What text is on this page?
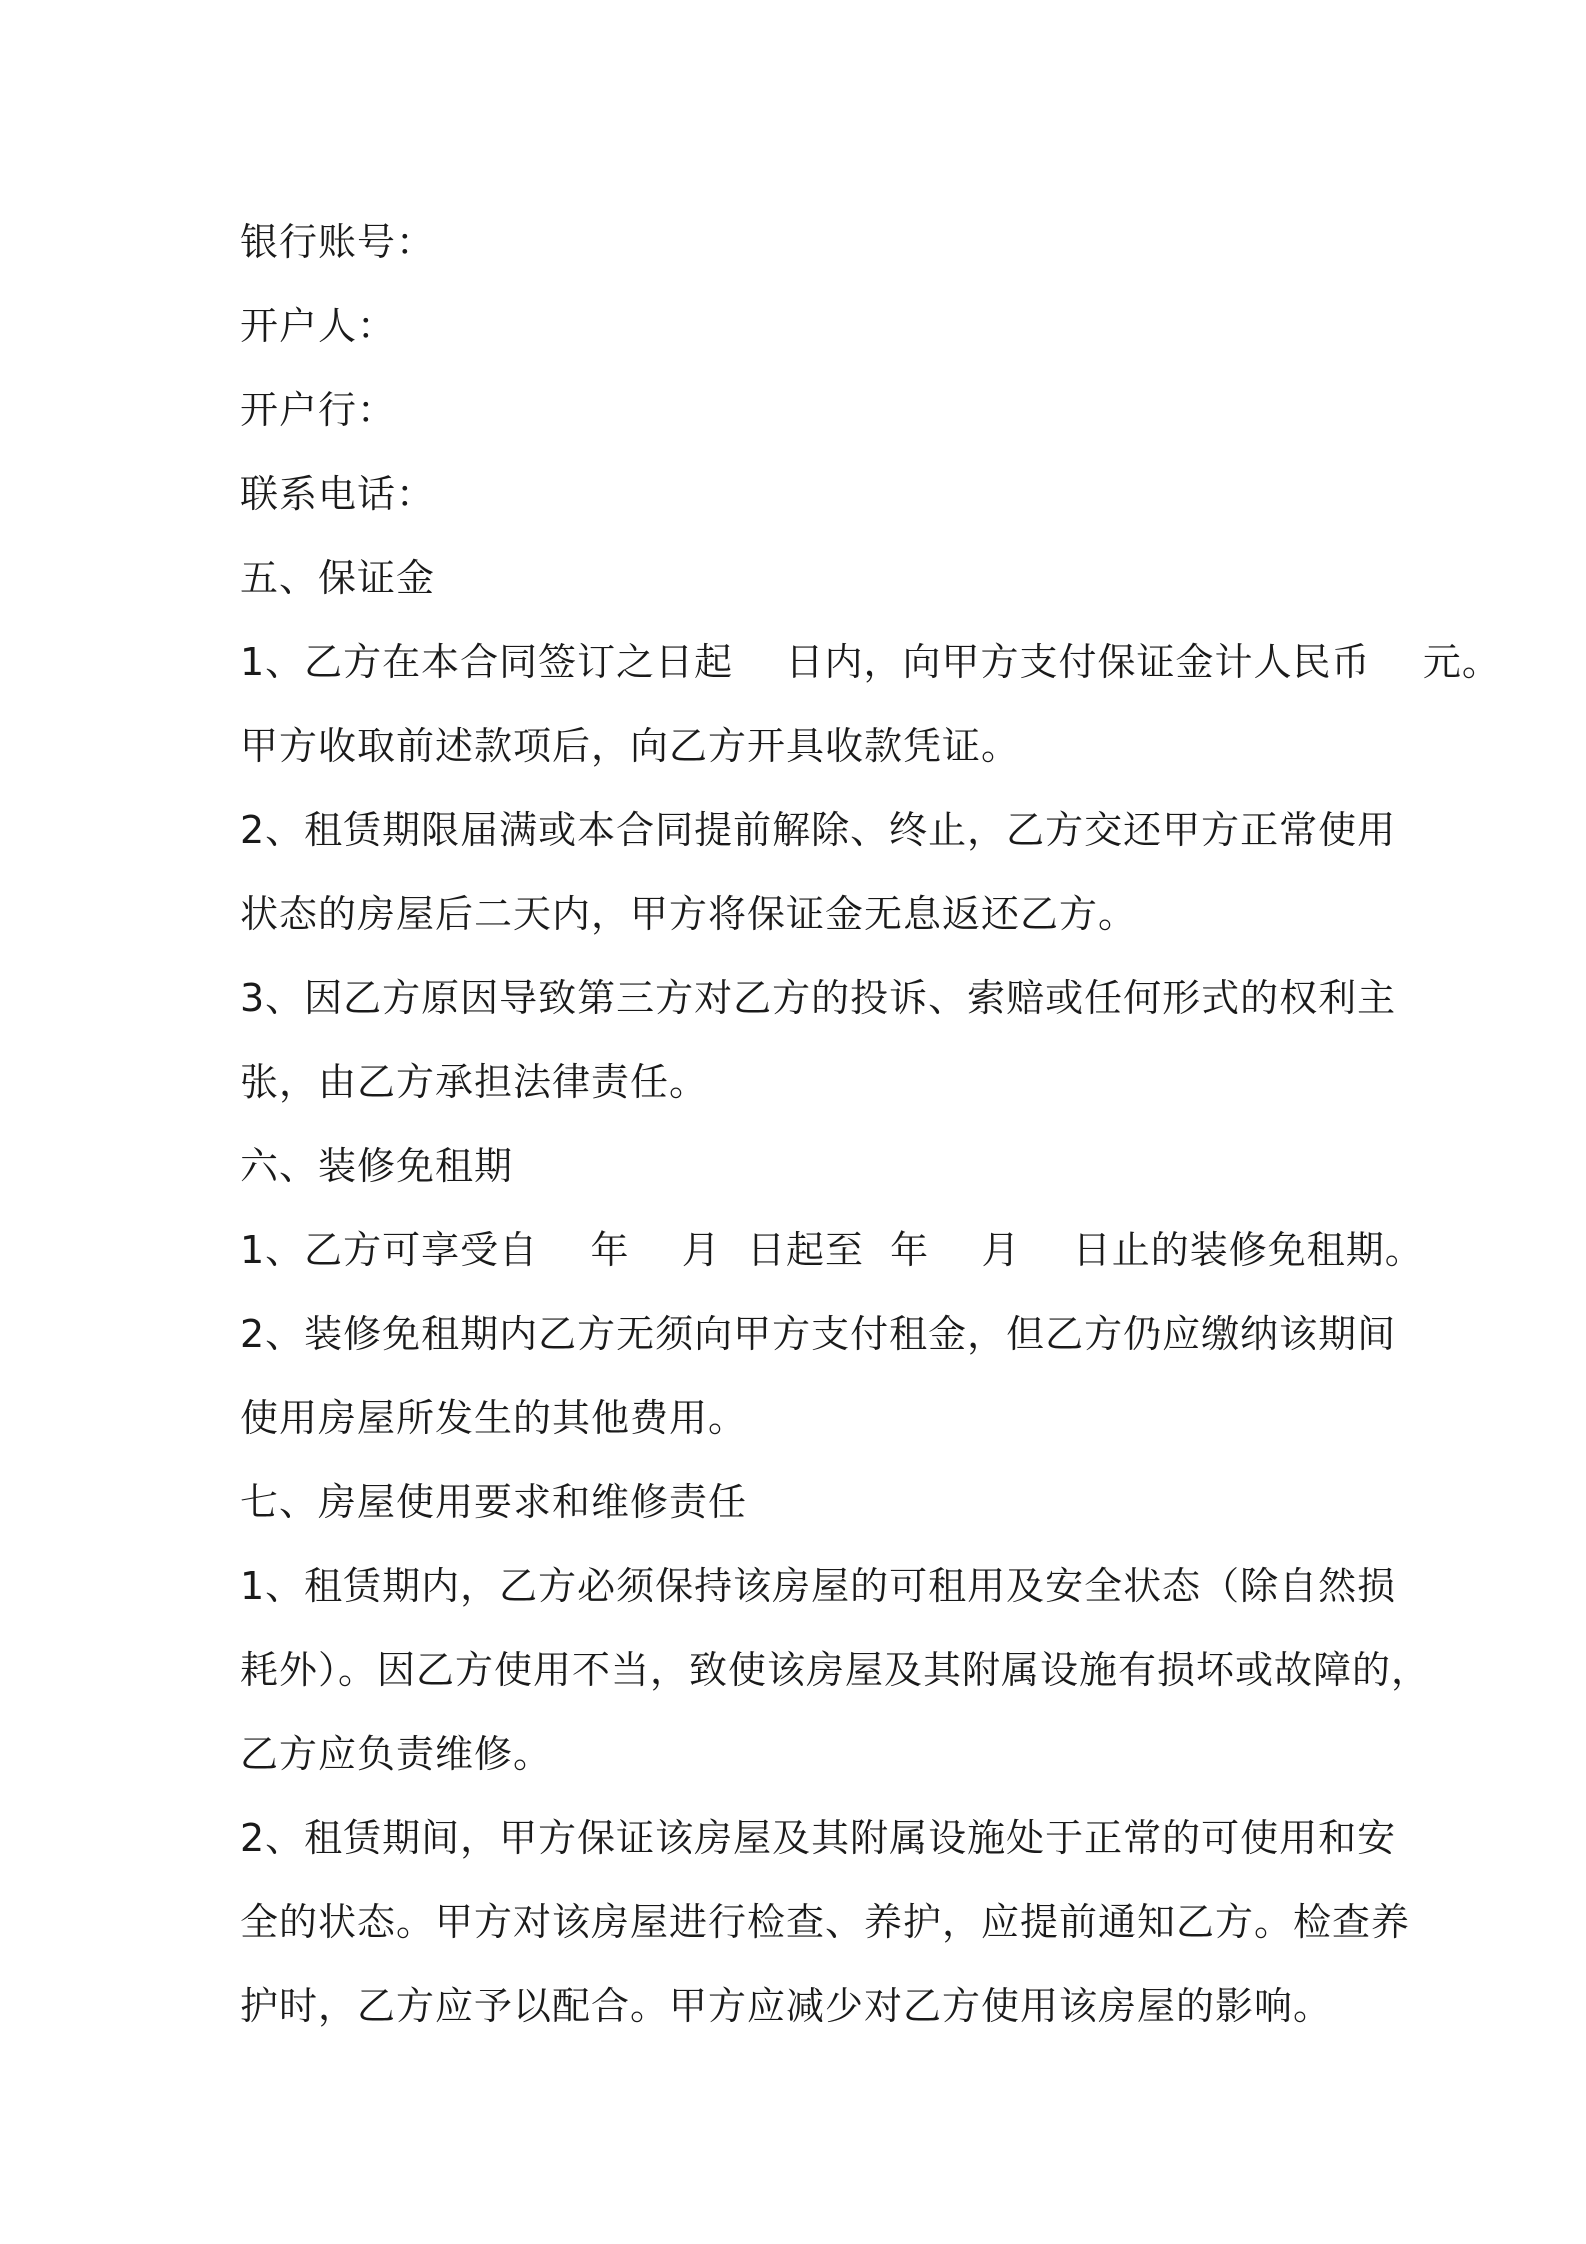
银行账号：
开户人：
开户行：
联系电话：
五、保证金
1、乙方在本合同签订之日起    日内，向甲方支付保证金计人民币    元。
甲方收取前述款项后，向乙方开具收款凭证。
2、租赁期限届满或本合同提前解除、终止，乙方交还甲方正常使用
状态的房屋后二天内，甲方将保证金无息返还乙方。
3、因乙方原因导致第三方对乙方的投诉、索赔或任何形式的权利主
张，由乙方承担法律责任。
六、装修免租期
1、乙方可享受自    年    月  日起至  年    月    日止的装修免租期。
2、装修免租期内乙方无须向甲方支付租金，但乙方仍应缴纳该期间
使用房屋所发生的其他费用。
七、房屋使用要求和维修责任
1、租赁期内，乙方必须保持该房屋的可租用及安全状态（除自然损
耗外）。因乙方使用不当，致使该房屋及其附属设施有损坏或故障的，
乙方应负责维修。
2、租赁期间，甲方保证该房屋及其附属设施处于正常的可使用和安
全的状态。甲方对该房屋进行检查、养护，应提前通知乙方。检查养
护时，乙方应予以配合。甲方应减少对乙方使用该房屋的影响。
